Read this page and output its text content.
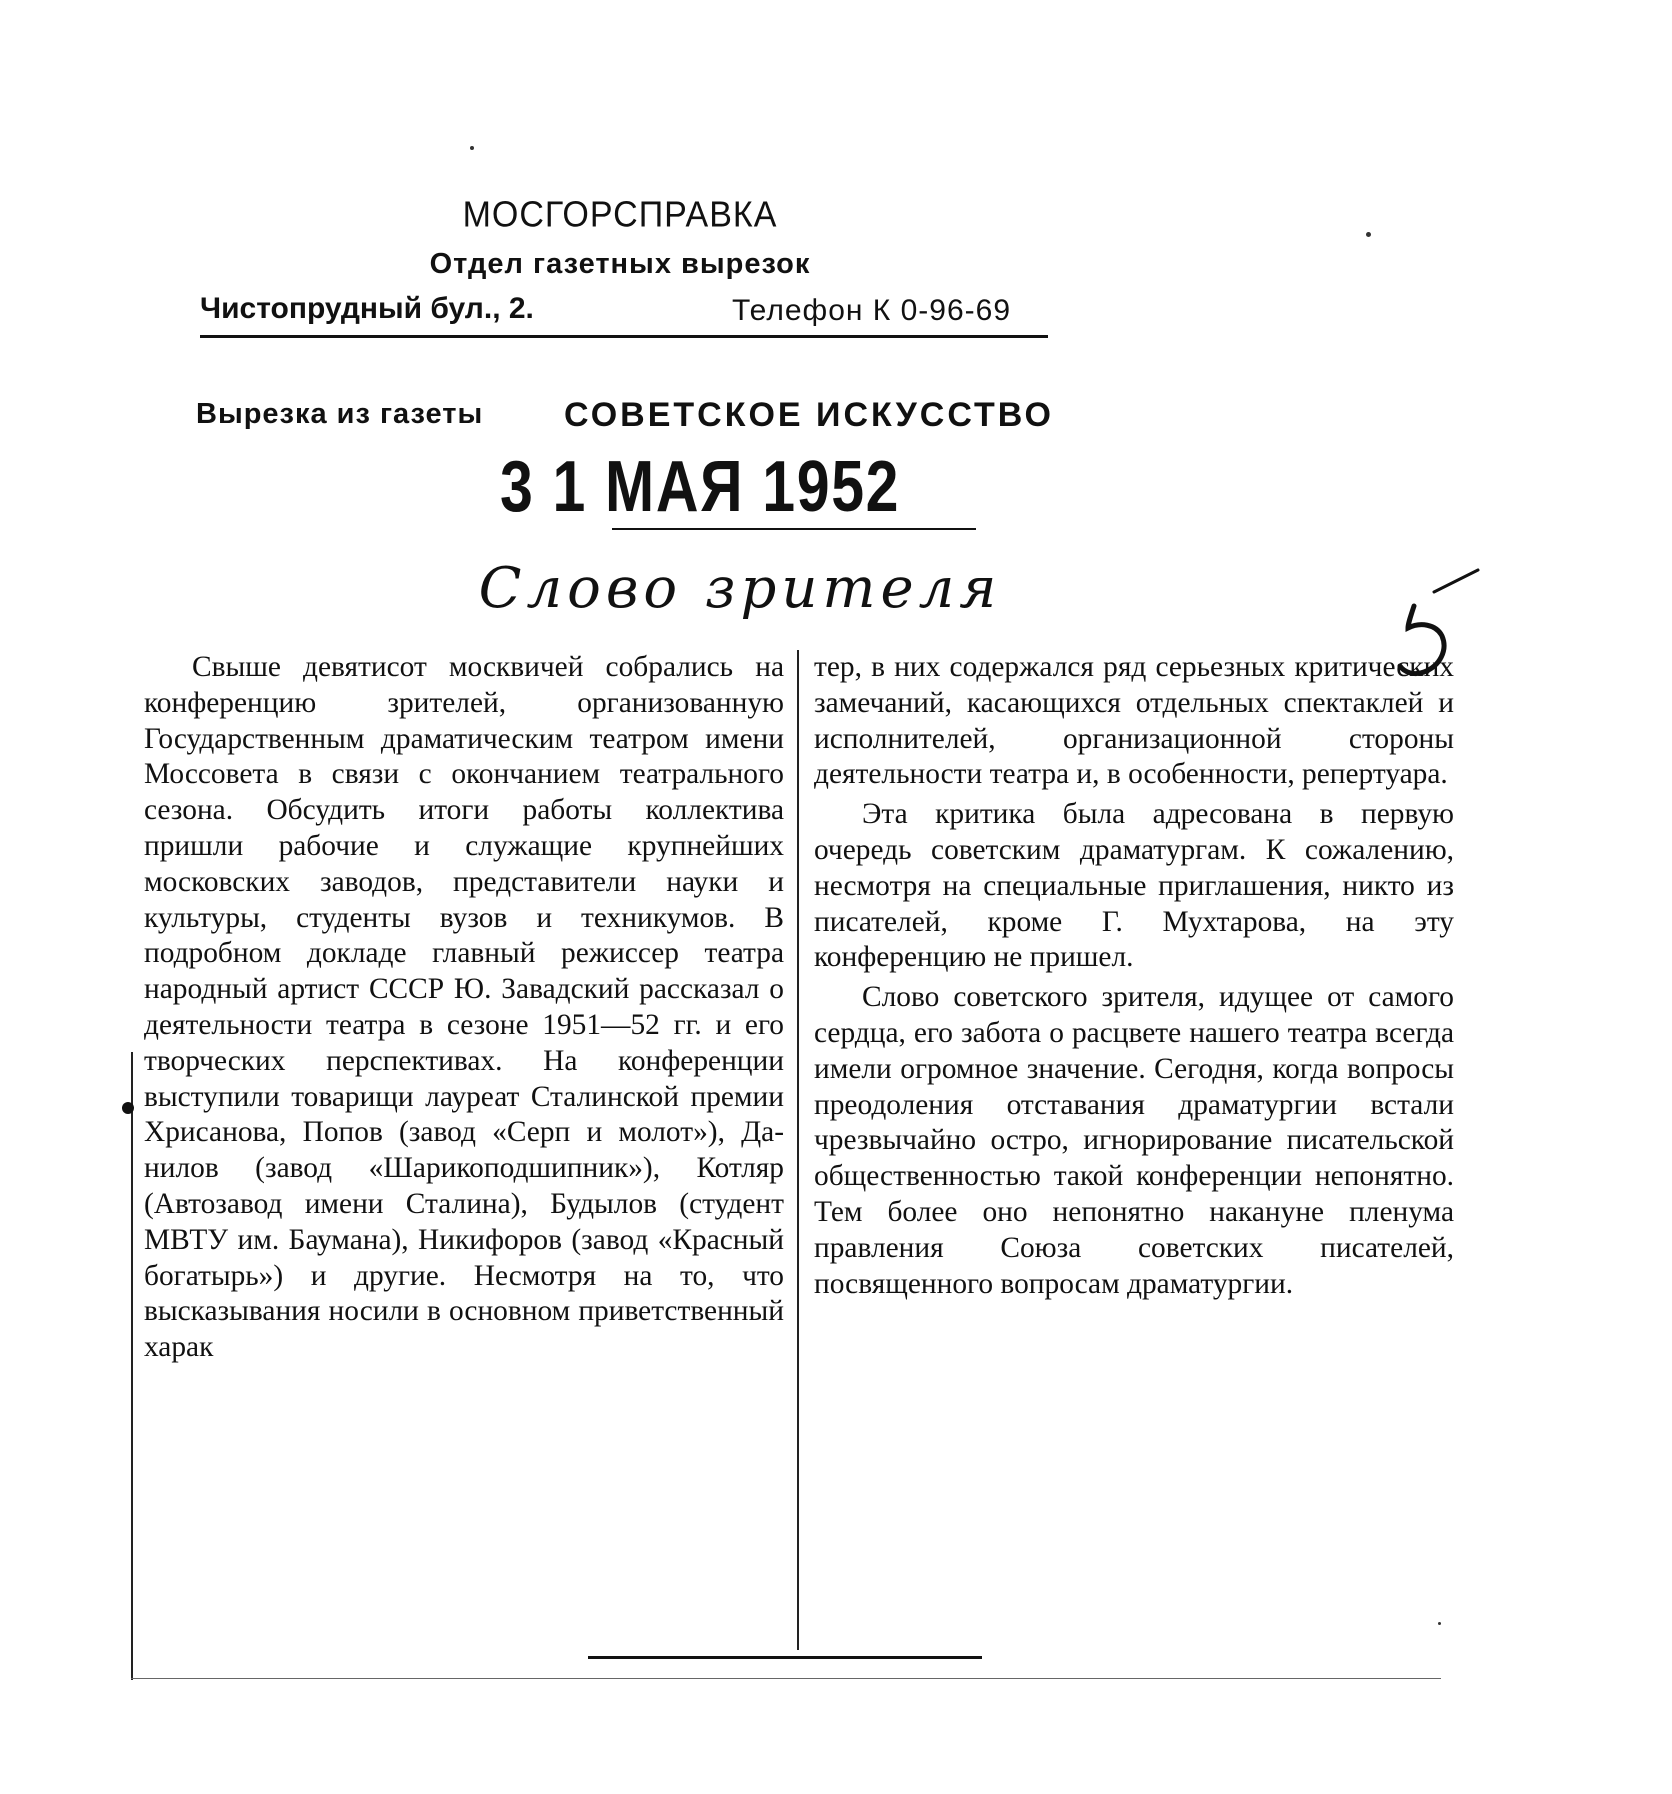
МОСГОРСПРАВКА
Отдел газетных вырезок
Чистопрудный бул., 2.	Телефон К 0-96-69
Вырезка из газеты СОВЕТСКОЕ ИСКУССТВО
3 1 МАЯ 1952
Слово зрителя

Свыше девятисот москвичей собрались на конференцию зрителей, организованную Государственным драматическим театром имени Моссовета в связи с окончанием театрального сезона. Обсудить итоги работы коллектива пришли рабочие и служащие крупнейших московских заводов, представители науки и культуры, студенты вузов и техникумов. В подробном докладе главный режиссер театра народный артист СССР Ю. Завадский рассказал о деятельности театра в сезоне 1951—52 гг. и его творческих перспективах. На конференции выступили товарищи лауреат Сталинской премии Хрисанова, Попов (завод «Серп и молот»), Данилов (завод «Шарикоподшипник»), Котляр (Автозавод имени Сталина), Будылов (студент МВТУ им. Баумана), Никифоров (завод «Красный богатырь») и другие. Несмотря на то, что высказывания носили в основном приветственный харак

тер, в них содержался ряд серьезных критических замечаний, касающихся отдельных спектаклей и исполнителей, организационной стороны деятельности театра и, в особенности, репертуара.

Эта критика была адресована в первую очередь советским драматургам. К сожалению, несмотря на специальные приглашения, никто из писателей, кроме Г. Мухтарова, на эту конференцию не пришел.

Слово советского зрителя, идущее от самого сердца, его забота о расцвете нашего театра всегда имели огромное значение. Сегодня, когда вопросы преодоления отставания драматургии встали чрезвычайно остро, игнорирование писательской общественностью такой конференции непонятно. Тем более оно непонятно накануне пленума правления Союза советских писателей, посвященного вопросам драматургии.
